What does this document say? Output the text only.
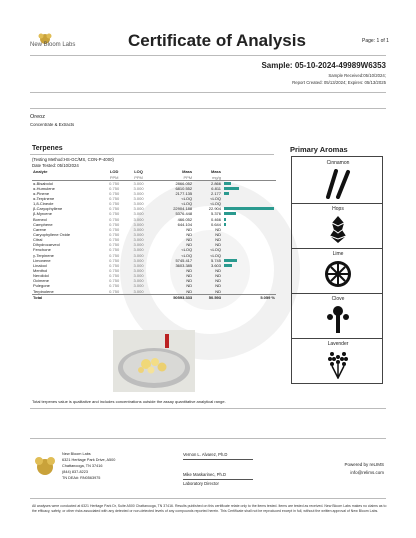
New Bloom Labs	Certificate of Analysis	Page: 1 of 1
Sample: 05-10-2024-49989W6353
Sample Received:05/10/2024;
Report Created: 05/13/2024; Expires: 05/13/2025
Oreoz
Concentrate & Extracts
Terpenes
(Testing Method:HS-GC/MS, CON-P-4000)
Date Tested: 05/10/2024
Analyte	LOD	LOQ	Mass	Mass	
	PPM	PPM	PPM	mg/g	
α-Bisabolol	0.750	3.000	2866.052	2.866	

α-Humulene	0.750	3.000	6810.552	6.811	

α-Pinene	0.750	3.000	2177.135	2.177	

α-Terpinene	0.750	3.000	<LOQ	<LOQ	
1,8-Cineole	0.750	3.000	<LOQ	<LOQ	
β-Caryophyllene	0.750	3.000	22904.188	22.904	

β-Myrcene	0.750	3.000	5376.448	5.376	

Borneol	0.750	3.000	466.052	0.466	

Camphene	0.750	3.000	644.104	0.644	

Carene	0.750	3.000	ND	ND	
Caryophyllene Oxide	0.750	3.000	ND	ND	
Citral	0.750	3.000	ND	ND	
Dihydrocarveol	0.750	3.000	ND	ND	
Fenchone	0.750	3.000	<LOQ	<LOQ	
γ-Terpinene	0.750	3.000	<LOQ	<LOQ	
Limonene	0.750	3.000	5745.417	5.745	

Linalool	0.750	3.000	3603.385	3.603	

Menthol	0.750	3.000	ND	ND	
Nerolidol	0.750	3.000	ND	ND	
Ocimene	0.750	3.000	ND	ND	
Pulegone	0.750	3.000	ND	ND	
Terpinolene	0.750	3.000	ND	ND	
Total			50593.333	50.593	5.059 %
Primary Aromas
Cinnamon
Hops
Lime
Clove
Lavender
Total terpenes value is qualitative and includes concentrations outside the assay quantitative analytical range.
New Bloom Labs
6321 Heritage Park Drive, A500
Chattanooga, TN 37416
(844) 837-8223
TN DEA#: RN0563975
Vernon L. Alvarez, Ph.D
Mike Maskarinec, Ph.D
Laboratory Director
Powered by reLIMS
info@relims.com
All analyses were conducted at 6321 Heritage Park Dr, Suite A500 Chattanooga, TN 37416. Results published on this certificate relate only to the items tested. Items are tested as received. New Bloom Labs makes no claims as to the efficacy, safety, or other risks associated with any detected or non-detected levels of any compounds reported herein. This Certificate shall not be reproduced except in full, without the written approval of New Bloom Labs.
